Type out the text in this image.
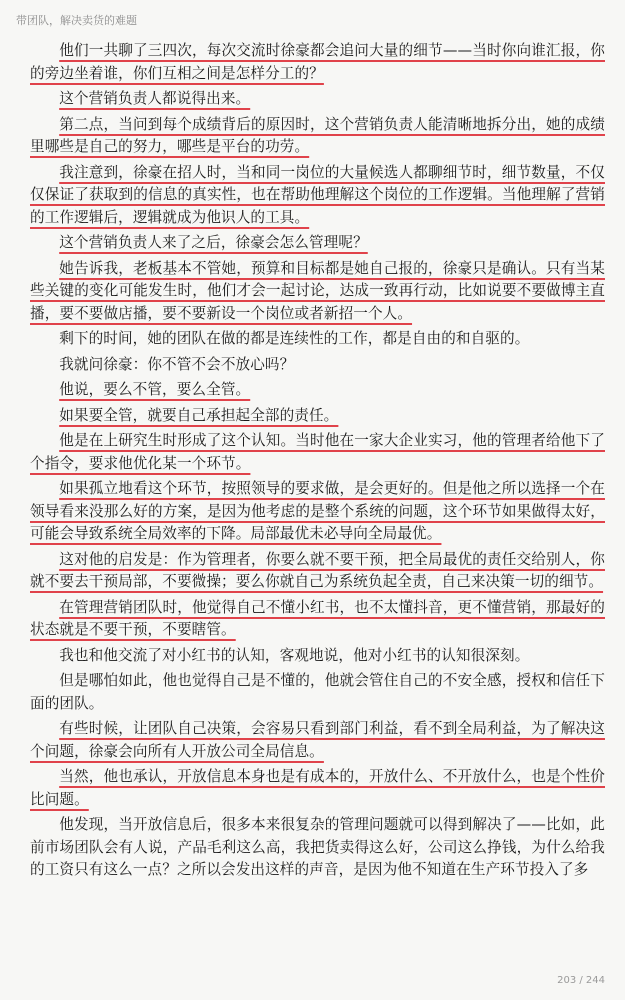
带团队，解决卖货的难题

他们一共聊了三四次，每次交流时徐豪都会追问大量的细节——当时你向谁汇报，你的旁边坐着谁，你们互相之间是怎样分工的？

这个营销负责人都说得出来。

第二点，当问到每个成绩背后的原因时，这个营销负责人能清晰地拆分出，她的成绩里哪些是自己的努力，哪些是平台的功劳。

我注意到，徐豪在招人时，当和同一岗位的大量候选人都聊细节时，细节数量，不仅仅保证了获取到的信息的真实性，也在帮助他理解这个岗位的工作逻辑。当他理解了营销的工作逻辑后，逻辑就成为他识人的工具。

这个营销负责人来了之后，徐豪会怎么管理呢？

她告诉我，老板基本不管她，预算和目标都是她自己报的，徐豪只是确认。只有当某些关键的变化可能发生时，他们才会一起讨论，达成一致再行动，比如说要不要做博主直播，要不要做店播，要不要新设一个岗位或者新招一个人。

剩下的时间，她的团队在做的都是连续性的工作，都是自由的和自驱的。

我就问徐豪：你不管不会不放心吗？

他说，要么不管，要么全管。

如果要全管，就要自己承担起全部的责任。

他是在上研究生时形成了这个认知。当时他在一家大企业实习，他的管理者给他下了个指令，要求他优化某一个环节。

如果孤立地看这个环节，按照领导的要求做，是会更好的。但是他之所以选择一个在领导看来没那么好的方案，是因为他考虑的是整个系统的问题，这个环节如果做得太好，可能会导致系统全局效率的下降。局部最优未必导向全局最优。

这对他的启发是：作为管理者，你要么就不要干预，把全局最优的责任交给别人，你就不要去干预局部，不要微操；要么你就自己为系统负起全责，自己来决策一切的细节。

在管理营销团队时，他觉得自己不懂小红书，也不太懂抖音，更不懂营销，那最好的状态就是不要干预，不要瞎管。

我也和他交流了对小红书的认知，客观地说，他对小红书的认知很深刻。

但是哪怕如此，他也觉得自己是不懂的，他就会管住自己的不安全感，授权和信任下面的团队。

有些时候，让团队自己决策，会容易只看到部门利益，看不到全局利益，为了解决这个问题，徐豪会向所有人开放公司全局信息。

当然，他也承认，开放信息本身也是有成本的，开放什么、不开放什么，也是个性价比问题。

他发现，当开放信息后，很多本来很复杂的管理问题就可以得到解决了——比如，此前市场团队会有人说，产品毛利这么高，我把货卖得这么好，公司这么挣钱，为什么给我的工资只有这么一点？之所以会发出这样的声音，是因为他不知道在生产环节投入了多

203 / 244
